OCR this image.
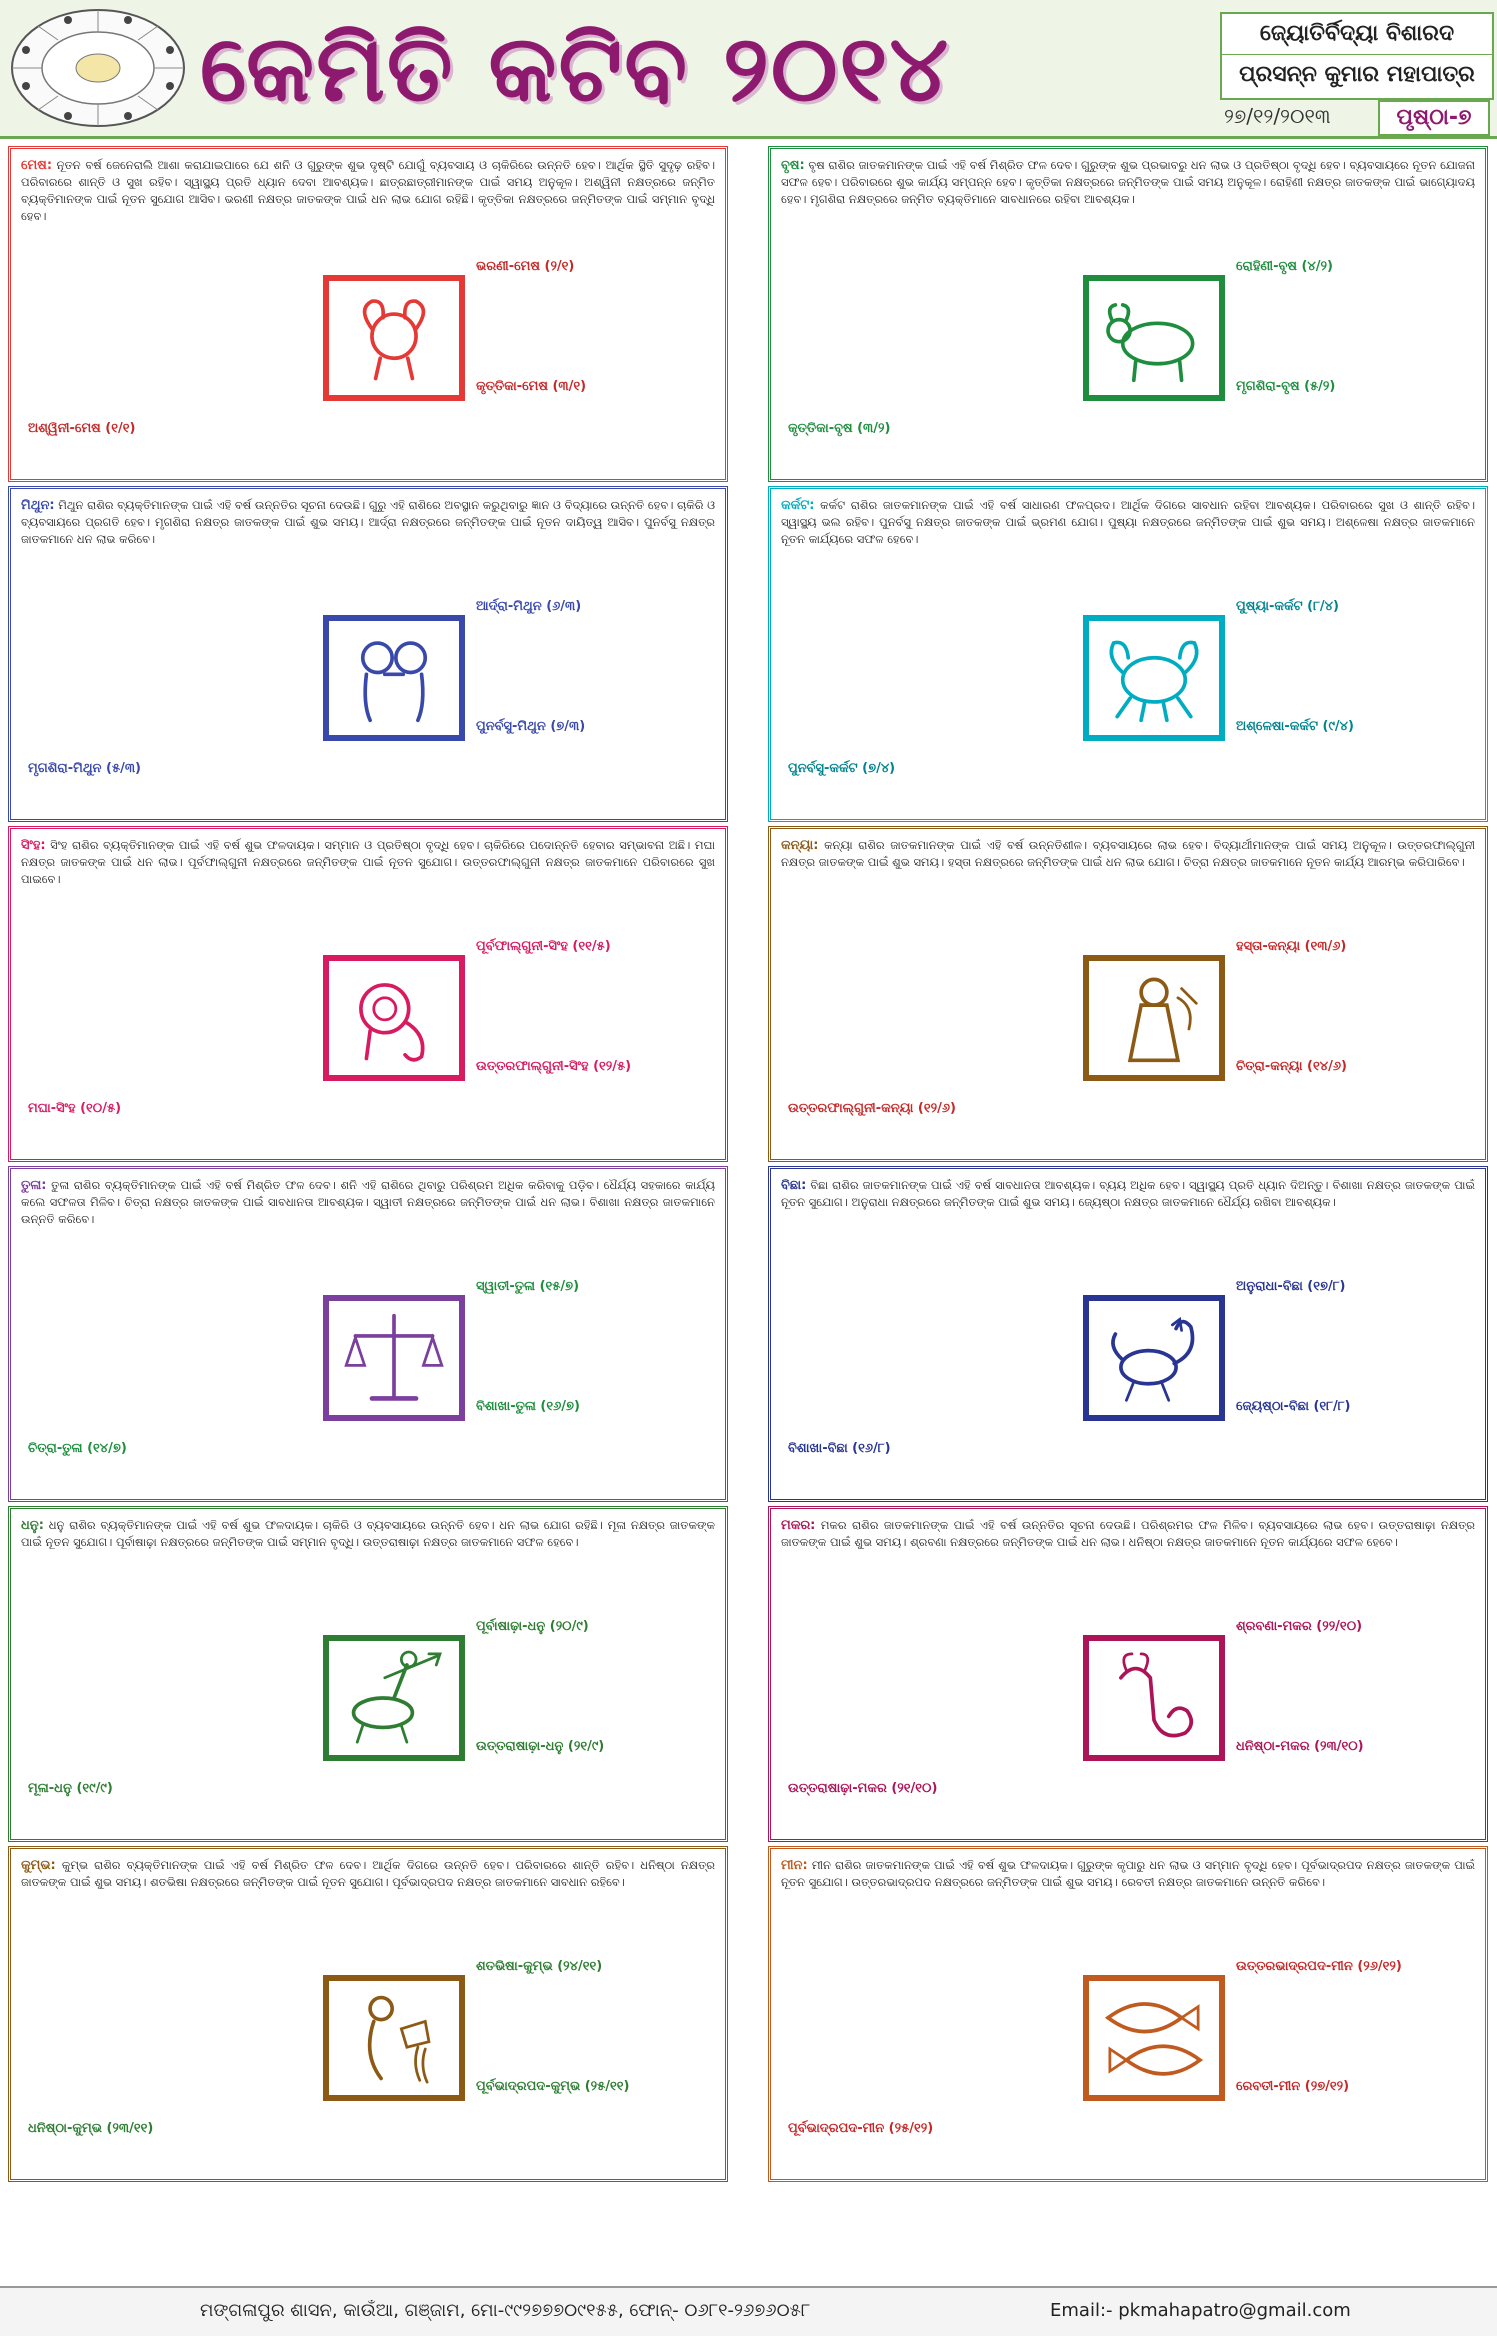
କେମିତି କଟିବ ୨୦୧୪	ଜ୍ୟୋତିର୍ବିଦ୍ୟା ବିଶାରଦ
ପ୍ରସନ୍ନ କୁମାର ମହାପାତ୍ର
୨୭/୧୨/୨୦୧୩	ପୃଷ୍ଠା-୭
ମେଷ: ନୂତନ ବର୍ଷ ଜେନେରାଲି ଆଶା କରାଯାଇପାରେ ଯେ ଶନି ଓ ଗୁରୁଙ୍କ ଶୁଭ ଦୃଷ୍ଟି ଯୋଗୁଁ ବ୍ୟବସାୟ ଓ ଚାକିରିରେ ଉନ୍ନତି ହେବ। ଆର୍ଥିକ ସ୍ଥିତି ସୁଦୃଢ଼ ରହିବ। ପରିବାରରେ ଶାନ୍ତି ଓ ସୁଖ ରହିବ। ସ୍ୱାସ୍ଥ୍ୟ ପ୍ରତି ଧ୍ୟାନ ଦେବା ଆବଶ୍ୟକ। ଛାତ୍ରଛାତ୍ରୀମାନଙ୍କ ପାଇଁ ସମୟ ଅନୁକୂଳ। ଅଶ୍ୱିନୀ ନକ୍ଷତ୍ରରେ ଜନ୍ମିତ ବ୍ୟକ୍ତିମାନଙ୍କ ପାଇଁ ନୂତନ ସୁଯୋଗ ଆସିବ। ଭରଣୀ ନକ୍ଷତ୍ର ଜାତକଙ୍କ ପାଇଁ ଧନ ଲାଭ ଯୋଗ ରହିଛି। କୃତ୍ତିକା ନକ୍ଷତ୍ରରେ ଜନ୍ମିତଙ୍କ ପାଇଁ ସମ୍ମାନ ବୃଦ୍ଧି ହେବ।
ଅଶ୍ୱିନୀ-ମେଷ (୧/୧)
ଭରଣୀ-ମେଷ (୨/୧)
କୃତ୍ତିକା-ମେଷ (୩/୧)
ବୃଷ: ବୃଷ ରାଶିର ଜାତକମାନଙ୍କ ପାଇଁ ଏହି ବର୍ଷ ମିଶ୍ରିତ ଫଳ ଦେବ। ଗୁରୁଙ୍କ ଶୁଭ ପ୍ରଭାବରୁ ଧନ ଲାଭ ଓ ପ୍ରତିଷ୍ଠା ବୃଦ୍ଧି ହେବ। ବ୍ୟବସାୟରେ ନୂତନ ଯୋଜନା ସଫଳ ହେବ। ପରିବାରରେ ଶୁଭ କାର୍ଯ୍ୟ ସମ୍ପନ୍ନ ହେବ। କୃତ୍ତିକା ନକ୍ଷତ୍ରରେ ଜନ୍ମିତଙ୍କ ପାଇଁ ସମୟ ଅନୁକୂଳ। ରୋହିଣୀ ନକ୍ଷତ୍ର ଜାତକଙ୍କ ପାଇଁ ଭାଗ୍ୟୋଦୟ ହେବ। ମୃଗଶିରା ନକ୍ଷତ୍ରରେ ଜନ୍ମିତ ବ୍ୟକ୍ତିମାନେ ସାବଧାନରେ ରହିବା ଆବଶ୍ୟକ।
କୃତ୍ତିକା-ବୃଷ (୩/୨)
ରୋହିଣୀ-ବୃଷ (୪/୨)
ମୃଗଶିରା-ବୃଷ (୫/୨)
ମିଥୁନ: ମିଥୁନ ରାଶିର ବ୍ୟକ୍ତିମାନଙ୍କ ପାଇଁ ଏହି ବର୍ଷ ଉନ୍ନତିର ସୂଚନା ଦେଉଛି। ଗୁରୁ ଏହି ରାଶିରେ ଅବସ୍ଥାନ କରୁଥିବାରୁ ଜ୍ଞାନ ଓ ବିଦ୍ୟାରେ ଉନ୍ନତି ହେବ। ଚାକିରି ଓ ବ୍ୟବସାୟରେ ପ୍ରଗତି ହେବ। ମୃଗଶିରା ନକ୍ଷତ୍ର ଜାତକଙ୍କ ପାଇଁ ଶୁଭ ସମୟ। ଆର୍ଦ୍ରା ନକ୍ଷତ୍ରରେ ଜନ୍ମିତଙ୍କ ପାଇଁ ନୂତନ ଦାୟିତ୍ୱ ଆସିବ। ପୁନର୍ବସୁ ନକ୍ଷତ୍ର ଜାତକମାନେ ଧନ ଲାଭ କରିବେ।
ମୃଗଶିରା-ମିଥୁନ (୫/୩)
ଆର୍ଦ୍ରା-ମିଥୁନ (୬/୩)
ପୁନର୍ବସୁ-ମିଥୁନ (୭/୩)
କର୍କଟ: କର୍କଟ ରାଶିର ଜାତକମାନଙ୍କ ପାଇଁ ଏହି ବର୍ଷ ସାଧାରଣ ଫଳପ୍ରଦ। ଆର୍ଥିକ ଦିଗରେ ସାବଧାନ ରହିବା ଆବଶ୍ୟକ। ପରିବାରରେ ସୁଖ ଓ ଶାନ୍ତି ରହିବ। ସ୍ୱାସ୍ଥ୍ୟ ଭଲ ରହିବ। ପୁନର୍ବସୁ ନକ୍ଷତ୍ର ଜାତକଙ୍କ ପାଇଁ ଭ୍ରମଣ ଯୋଗ। ପୁଷ୍ୟା ନକ୍ଷତ୍ରରେ ଜନ୍ମିତଙ୍କ ପାଇଁ ଶୁଭ ସମୟ। ଅଶ୍ଳେଷା ନକ୍ଷତ୍ର ଜାତକମାନେ ନୂତନ କାର୍ଯ୍ୟରେ ସଫଳ ହେବେ।
ପୁନର୍ବସୁ-କର୍କଟ (୭/୪)
ପୁଷ୍ୟା-କର୍କଟ (୮/୪)
ଅଶ୍ଳେଷା-କର୍କଟ (୯/୪)
ସିଂହ: ସିଂହ ରାଶିର ବ୍ୟକ୍ତିମାନଙ୍କ ପାଇଁ ଏହି ବର୍ଷ ଶୁଭ ଫଳଦାୟକ। ସମ୍ମାନ ଓ ପ୍ରତିଷ୍ଠା ବୃଦ୍ଧି ହେବ। ଚାକିରିରେ ପଦୋନ୍ନତି ହେବାର ସମ୍ଭାବନା ଅଛି। ମଘା ନକ୍ଷତ୍ର ଜାତକଙ୍କ ପାଇଁ ଧନ ଲାଭ। ପୂର୍ବଫାଲ୍ଗୁନୀ ନକ୍ଷତ୍ରରେ ଜନ୍ମିତଙ୍କ ପାଇଁ ନୂତନ ସୁଯୋଗ। ଉତ୍ତରଫାଲ୍ଗୁନୀ ନକ୍ଷତ୍ର ଜାତକମାନେ ପରିବାରରେ ସୁଖ ପାଇବେ।
ମଘା-ସିଂହ (୧୦/୫)
ପୂର୍ବଫାଲ୍ଗୁନୀ-ସିଂହ (୧୧/୫)
ଉତ୍ତରଫାଲ୍ଗୁନୀ-ସିଂହ (୧୨/୫)
କନ୍ୟା: କନ୍ୟା ରାଶିର ଜାତକମାନଙ୍କ ପାଇଁ ଏହି ବର୍ଷ ଉନ୍ନତିଶୀଳ। ବ୍ୟବସାୟରେ ଲାଭ ହେବ। ବିଦ୍ୟାର୍ଥୀମାନଙ୍କ ପାଇଁ ସମୟ ଅନୁକୂଳ। ଉତ୍ତରଫାଲ୍ଗୁନୀ ନକ୍ଷତ୍ର ଜାତକଙ୍କ ପାଇଁ ଶୁଭ ସମୟ। ହସ୍ତା ନକ୍ଷତ୍ରରେ ଜନ୍ମିତଙ୍କ ପାଇଁ ଧନ ଲାଭ ଯୋଗ। ଚିତ୍ରା ନକ୍ଷତ୍ର ଜାତକମାନେ ନୂତନ କାର୍ଯ୍ୟ ଆରମ୍ଭ କରିପାରିବେ।
ଉତ୍ତରଫାଲ୍ଗୁନୀ-କନ୍ୟା (୧୨/୬)
ହସ୍ତା-କନ୍ୟା (୧୩/୬)
ଚିତ୍ରା-କନ୍ୟା (୧୪/୬)
ତୁଳା: ତୁଳା ରାଶିର ବ୍ୟକ୍ତିମାନଙ୍କ ପାଇଁ ଏହି ବର୍ଷ ମିଶ୍ରିତ ଫଳ ଦେବ। ଶନି ଏହି ରାଶିରେ ଥିବାରୁ ପରିଶ୍ରମ ଅଧିକ କରିବାକୁ ପଡ଼ିବ। ଧୈର୍ଯ୍ୟ ସହକାରେ କାର୍ଯ୍ୟ କଲେ ସଫଳତା ମିଳିବ। ଚିତ୍ରା ନକ୍ଷତ୍ର ଜାତକଙ୍କ ପାଇଁ ସାବଧାନତା ଆବଶ୍ୟକ। ସ୍ୱାତୀ ନକ୍ଷତ୍ରରେ ଜନ୍ମିତଙ୍କ ପାଇଁ ଧନ ଲାଭ। ବିଶାଖା ନକ୍ଷତ୍ର ଜାତକମାନେ ଉନ୍ନତି କରିବେ।
ଚିତ୍ରା-ତୁଳା (୧୪/୭)
ସ୍ୱାତୀ-ତୁଳା (୧୫/୭)
ବିଶାଖା-ତୁଳା (୧୬/୭)
ବିଛା: ବିଛା ରାଶିର ଜାତକମାନଙ୍କ ପାଇଁ ଏହି ବର୍ଷ ସାବଧାନତା ଆବଶ୍ୟକ। ବ୍ୟୟ ଅଧିକ ହେବ। ସ୍ୱାସ୍ଥ୍ୟ ପ୍ରତି ଧ୍ୟାନ ଦିଅନ୍ତୁ। ବିଶାଖା ନକ୍ଷତ୍ର ଜାତକଙ୍କ ପାଇଁ ନୂତନ ସୁଯୋଗ। ଅନୁରାଧା ନକ୍ଷତ୍ରରେ ଜନ୍ମିତଙ୍କ ପାଇଁ ଶୁଭ ସମୟ। ଜ୍ୟେଷ୍ଠା ନକ୍ଷତ୍ର ଜାତକମାନେ ଧୈର୍ଯ୍ୟ ରଖିବା ଆବଶ୍ୟକ।
ବିଶାଖା-ବିଛା (୧୬/୮)
ଅନୁରାଧା-ବିଛା (୧୭/୮)
ଜ୍ୟେଷ୍ଠା-ବିଛା (୧୮/୮)
ଧନୁ: ଧନୁ ରାଶିର ବ୍ୟକ୍ତିମାନଙ୍କ ପାଇଁ ଏହି ବର୍ଷ ଶୁଭ ଫଳଦାୟକ। ଚାକିରି ଓ ବ୍ୟବସାୟରେ ଉନ୍ନତି ହେବ। ଧନ ଲାଭ ଯୋଗ ରହିଛି। ମୂଳା ନକ୍ଷତ୍ର ଜାତକଙ୍କ ପାଇଁ ନୂତନ ସୁଯୋଗ। ପୂର୍ବାଷାଢ଼ା ନକ୍ଷତ୍ରରେ ଜନ୍ମିତଙ୍କ ପାଇଁ ସମ୍ମାନ ବୃଦ୍ଧି। ଉତ୍ତରାଷାଢ଼ା ନକ୍ଷତ୍ର ଜାତକମାନେ ସଫଳ ହେବେ।
ମୂଳା-ଧନୁ (୧୯/୯)
ପୂର୍ବାଷାଢ଼ା-ଧନୁ (୨୦/୯)
ଉତ୍ତରାଷାଢ଼ା-ଧନୁ (୨୧/୯)
ମକର: ମକର ରାଶିର ଜାତକମାନଙ୍କ ପାଇଁ ଏହି ବର୍ଷ ଉନ୍ନତିର ସୂଚନା ଦେଉଛି। ପରିଶ୍ରମର ଫଳ ମିଳିବ। ବ୍ୟବସାୟରେ ଲାଭ ହେବ। ଉତ୍ତରାଷାଢ଼ା ନକ୍ଷତ୍ର ଜାତକଙ୍କ ପାଇଁ ଶୁଭ ସମୟ। ଶ୍ରବଣା ନକ୍ଷତ୍ରରେ ଜନ୍ମିତଙ୍କ ପାଇଁ ଧନ ଲାଭ। ଧନିଷ୍ଠା ନକ୍ଷତ୍ର ଜାତକମାନେ ନୂତନ କାର୍ଯ୍ୟରେ ସଫଳ ହେବେ।
ଉତ୍ତରାଷାଢ଼ା-ମକର (୨୧/୧୦)
ଶ୍ରବଣା-ମକର (୨୨/୧୦)
ଧନିଷ୍ଠା-ମକର (୨୩/୧୦)
କୁମ୍ଭ: କୁମ୍ଭ ରାଶିର ବ୍ୟକ୍ତିମାନଙ୍କ ପାଇଁ ଏହି ବର୍ଷ ମିଶ୍ରିତ ଫଳ ଦେବ। ଆର୍ଥିକ ଦିଗରେ ଉନ୍ନତି ହେବ। ପରିବାରରେ ଶାନ୍ତି ରହିବ। ଧନିଷ୍ଠା ନକ୍ଷତ୍ର ଜାତକଙ୍କ ପାଇଁ ଶୁଭ ସମୟ। ଶତଭିଷା ନକ୍ଷତ୍ରରେ ଜନ୍ମିତଙ୍କ ପାଇଁ ନୂତନ ସୁଯୋଗ। ପୂର୍ବଭାଦ୍ରପଦ ନକ୍ଷତ୍ର ଜାତକମାନେ ସାବଧାନ ରହିବେ।
ଧନିଷ୍ଠା-କୁମ୍ଭ (୨୩/୧୧)
ଶତଭିଷା-କୁମ୍ଭ (୨୪/୧୧)
ପୂର୍ବଭାଦ୍ରପଦ-କୁମ୍ଭ (୨୫/୧୧)
ମୀନ: ମୀନ ରାଶିର ଜାତକମାନଙ୍କ ପାଇଁ ଏହି ବର୍ଷ ଶୁଭ ଫଳଦାୟକ। ଗୁରୁଙ୍କ କୃପାରୁ ଧନ ଲାଭ ଓ ସମ୍ମାନ ବୃଦ୍ଧି ହେବ। ପୂର୍ବଭାଦ୍ରପଦ ନକ୍ଷତ୍ର ଜାତକଙ୍କ ପାଇଁ ନୂତନ ସୁଯୋଗ। ଉତ୍ତରଭାଦ୍ରପଦ ନକ୍ଷତ୍ରରେ ଜନ୍ମିତଙ୍କ ପାଇଁ ଶୁଭ ସମୟ। ରେବତୀ ନକ୍ଷତ୍ର ଜାତକମାନେ ଉନ୍ନତି କରିବେ।
ପୂର୍ବଭାଦ୍ରପଦ-ମୀନ (୨୫/୧୨)
ଉତ୍ତରଭାଦ୍ରପଦ-ମୀନ (୨୬/୧୨)
ରେବତୀ-ମୀନ (୨୭/୧୨)
ମଙ୍ଗଳାପୁର ଶାସନ, କାଉଁଆ, ଗଞ୍ଜାମ, ମୋ-୯୯୨୭୭୭୦୯୧୫୫, ଫୋନ୍- ୦୬୮୧-୨୬୭୬୦୫୮	Email:- pkmahapatro@gmail.com
